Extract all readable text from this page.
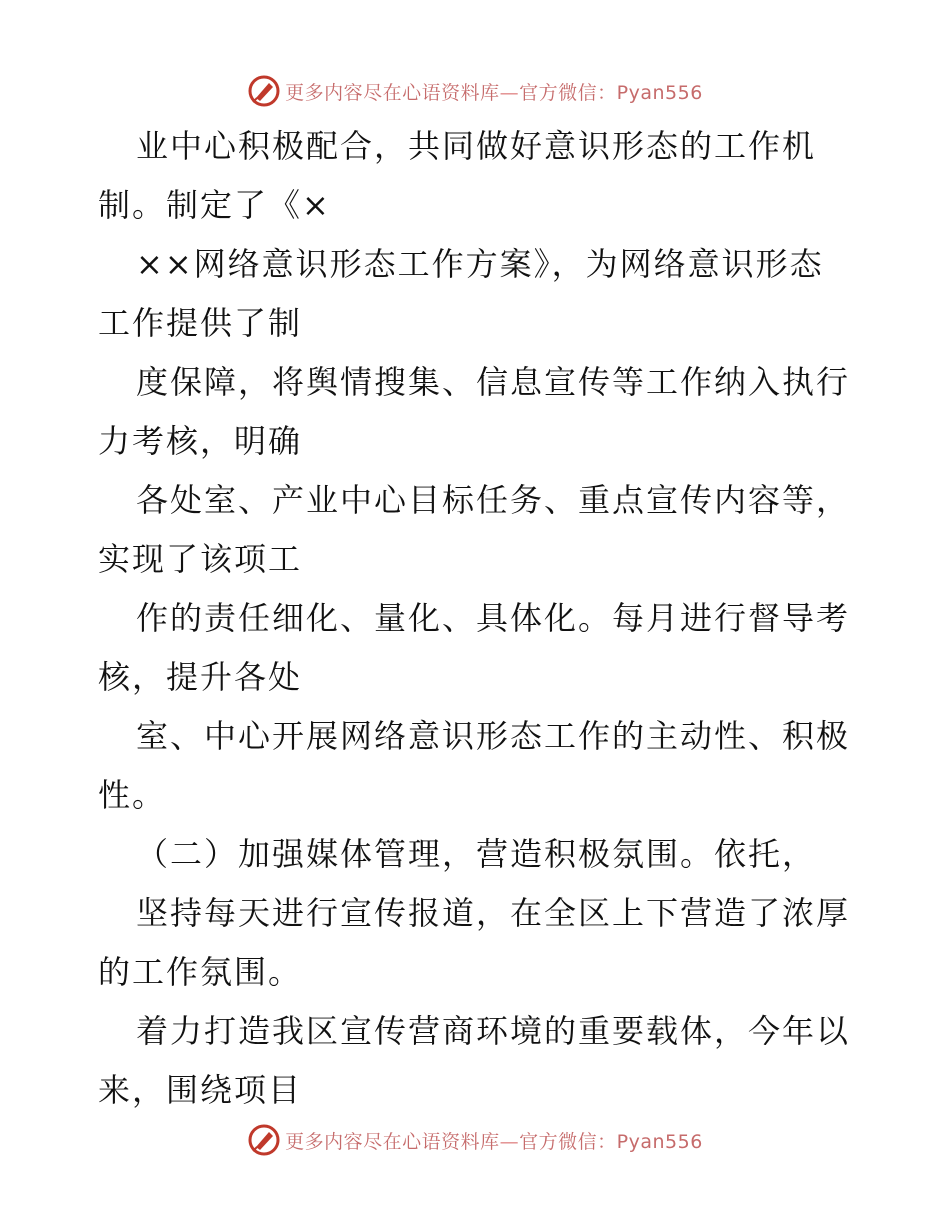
更多内容尽在心语资料库—官方微信：Pyan556
业中心积极配合，共同做好意识形态的工作机
制。制定了《×
××网络意识形态工作方案》，为网络意识形态
工作提供了制
度保障，将舆情搜集、信息宣传等工作纳入执行
力考核，明确
各处室、产业中心目标任务、重点宣传内容等，
实现了该项工
作的责任细化、量化、具体化。每月进行督导考
核，提升各处
室、中心开展网络意识形态工作的主动性、积极
性。
（二）加强媒体管理，营造积极氛围。依托，
坚持每天进行宣传报道，在全区上下营造了浓厚
的工作氛围。
着力打造我区宣传营商环境的重要载体，今年以
来，围绕项目
更多内容尽在心语资料库—官方微信：Pyan556
